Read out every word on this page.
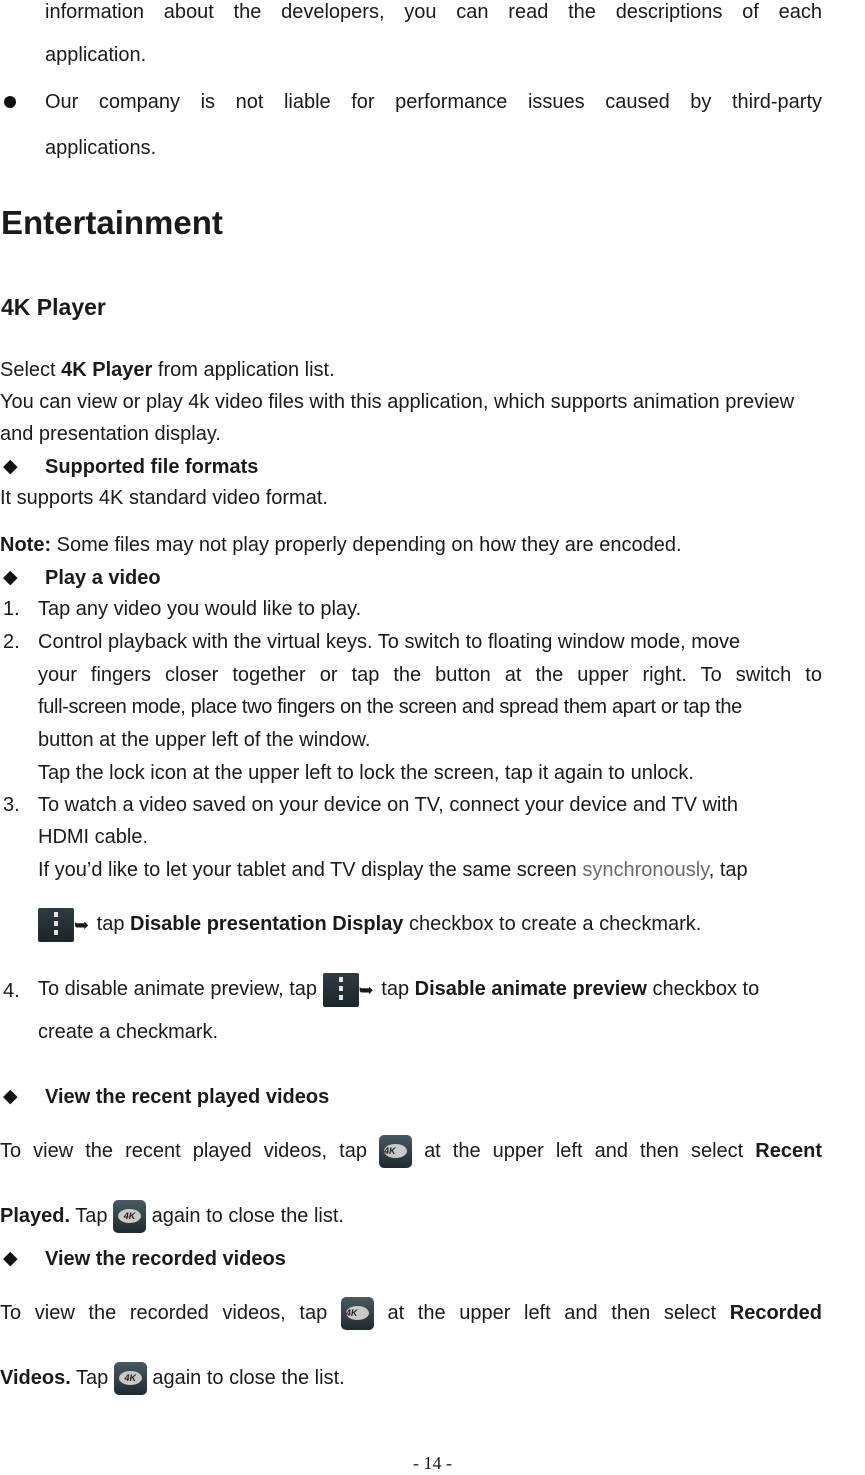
information about the developers, you can read the descriptions of each

application.

Our company is not liable for performance issues caused by third-party

applications.

Entertainment
4K Player

Select 4K Player from application list.

You can view or play 4k video files with this application, which supports animation preview

and presentation display.

◆ Supported file formats

It supports 4K standard video format.

Note: Some files may not play properly depending on how they are encoded.

◆ Play a video

1. Tap any video you would like to play.

2. Control playback with the virtual keys. To switch to floating window mode, move

your fingers closer together or tap the button at the upper right. To switch to

full-screen mode, place two fingers on the screen and spread them apart or tap the

button at the upper left of the window.

Tap the lock icon at the upper left to lock the screen, tap it again to unlock.

3. To watch a video saved on your device on TV, connect your device and TV with

HDMI cable.

If you’d like to let your tablet and TV display the same screen synchronously, tap

➥ tap Disable presentation Display checkbox to create a checkmark.

4. To disable animate preview, tap
➥ tap Disable animate preview checkbox to

create a checkmark.

◆ View the recent played videos

To view the recent played videos, tap 4K	at the upper left and then select Recent

Played. Tap	4K again to close the list.

◆ View the recorded videos

To view the recorded videos, tap 4K	at the upper left and then select Recorded

Videos. Tap	4K again to close the list.

- 14 -
